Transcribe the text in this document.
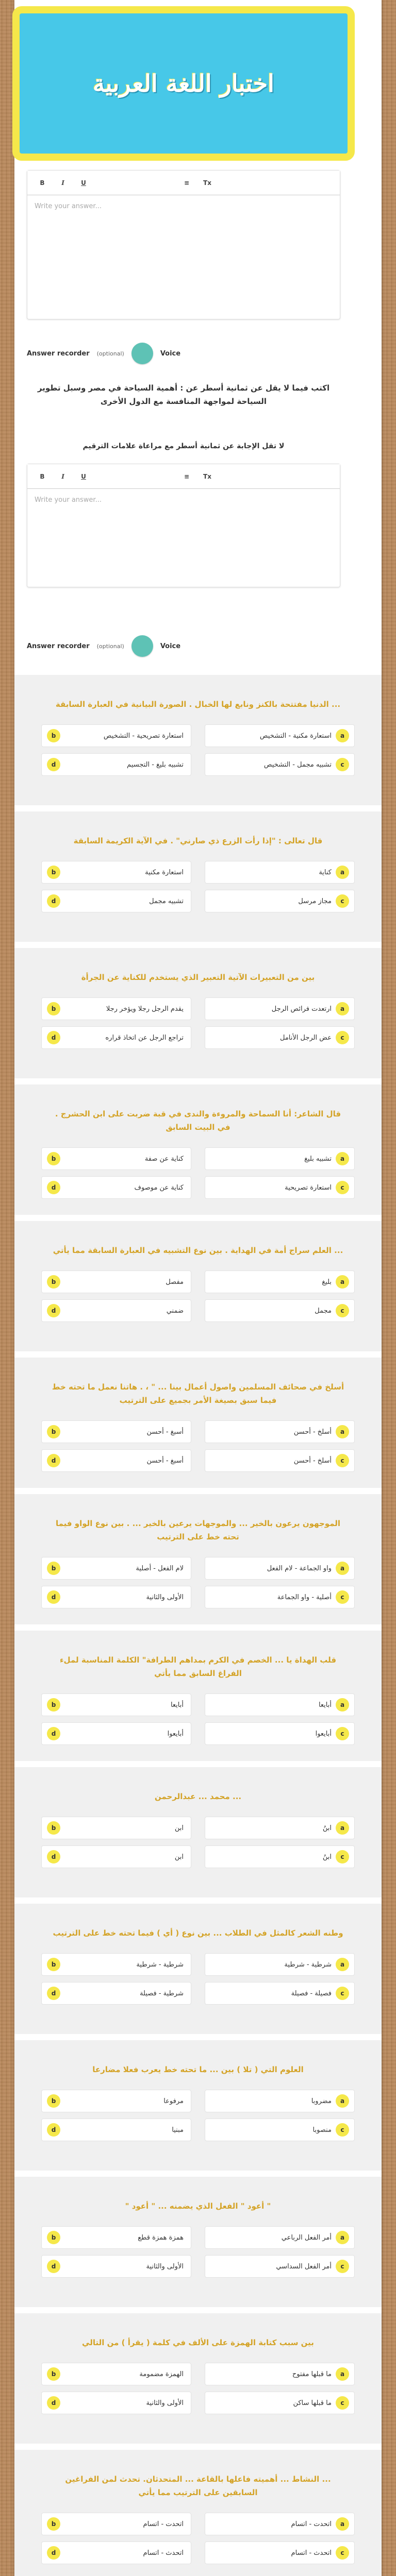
اختبار اللغة العربية
B	I	U	≡	Tx
Write your answer...
Answer recorder (optional)	Voice
اكتب فيما لا يقل عن ثمانية أسطر عن : أهمية السياحة في مصر وسبل تطوير السياحة لمواجهة المنافسة مع الدول الأخرى
لا تقل الإجابة عن ثمانية أسطر مع مراعاة علامات الترقيم
B	I	U	≡	Tx
Write your answer...
Answer recorder (optional)	Voice
... الدنيا مفتتحة بالكنز ونابع لها الخبال . الصورة البيانية في العبارة السابقة
b	استعارة تصريحية - التشخيص	استعارة مكنية - التشخيص	a
d	تشبيه بليغ - التجسيم	تشبيه مجمل - التشخيص	c
قال تعالى : "إذا رأت الزرع ذي صارني" . في الآية الكريمة السابقة
b	استعارة مكنية	كناية	a
d	تشبيه مجمل	مجاز مرسل	c
بين من التعبيرات الآتية التعبير الذي يستخدم للكناية عن الجرأة
b	يقدم الرجل رجلا ويؤخر رجلا	ارتعدت فرائص الرجل	a
d	تراجع الرجل عن اتخاذ قراره	عض الرجل الأنامل	c
قال الشاعر: أنا السماحة والمروءة والندى في قبة ضربت على ابن الحشرج . في البيت السابق
b	كناية عن صفة	تشبيه بليغ	a
d	كناية عن موصوف	استعارة تصريحية	c
... العلم سراج أمة في الهداية . بين نوع التشبيه في العبارة السابقة مما يأتي
b	مفصل	بليغ	a
d	ضمني	مجمل	c
أسلخ في صحائف المسلمين واصول أعمال بينا ... " ، . هاتنا نعمل ما تحته خط فيما سبق بصيغة الأمر بجميع على الترتيب
b	أسبغ - أحسن	أسلخ - أحسن	a
d	أسبغ - أحسن	أسلخ - أحسن	c
الموجهون يرعون بالخير ... والموجهات يرعين بالخير ... . بين نوع الواو فيما تحته خط على الترتيب
b	لام الفعل - أصلية	واو الجماعة - لام الفعل	a
d	الأولى والثانية	أصلية - واو الجماعة	c
قلب الهداة يا ... الخصم في الكرم بمداهم الطرافة" الكلمة المناسبة لملء الفراغ السابق مما يأتي
b	أبايعا	أبايعا	a
d	أبايعوا	أبايعوا	c
... محمد ... عبدالرحمن
b	ابن	ابنُ	a
d	ابن	ابنُ	c
وطنه الشعر كالمثل في الطلاب ... بين نوع ( أي ) فيما تحته خط على الترتيب
b	شرطية - شرطية	شرطية - شرطية	a
d	شرطية - فصيلة	فصيلة - فصيلة	c
العلوم التي ( تلا ) بين ... ما تحته خط يعرب فعلا مضارعا
b	مرفوعا	مضروبا	a
d	مبنيا	منصوبا	c
" أعود " الفعل الذي يضمنه ... " أعود "
b	همزة همزة قطع	أمر الفعل الرباعي	a
d	الأولى والثانية	أمر الفعل السداسي	c
بين سبب كتابة الهمزة على الألف في كلمة ( يقرأ ) من التالي
b	الهمزة مضمومة	ما قبلها مفتوح	a
d	الأولى والثانية	ما قبلها ساكن	c
... النشاط ... أهميته فاعلها بالقاعة ... المتحدثان. تحدث لمن الفراغين السابقين على الترتيب مما يأتي
b	اتحدت - اتسام	اتحدت - اتسام	a
d	اتحدث - اتسام	اتحدث - اتسام	c
